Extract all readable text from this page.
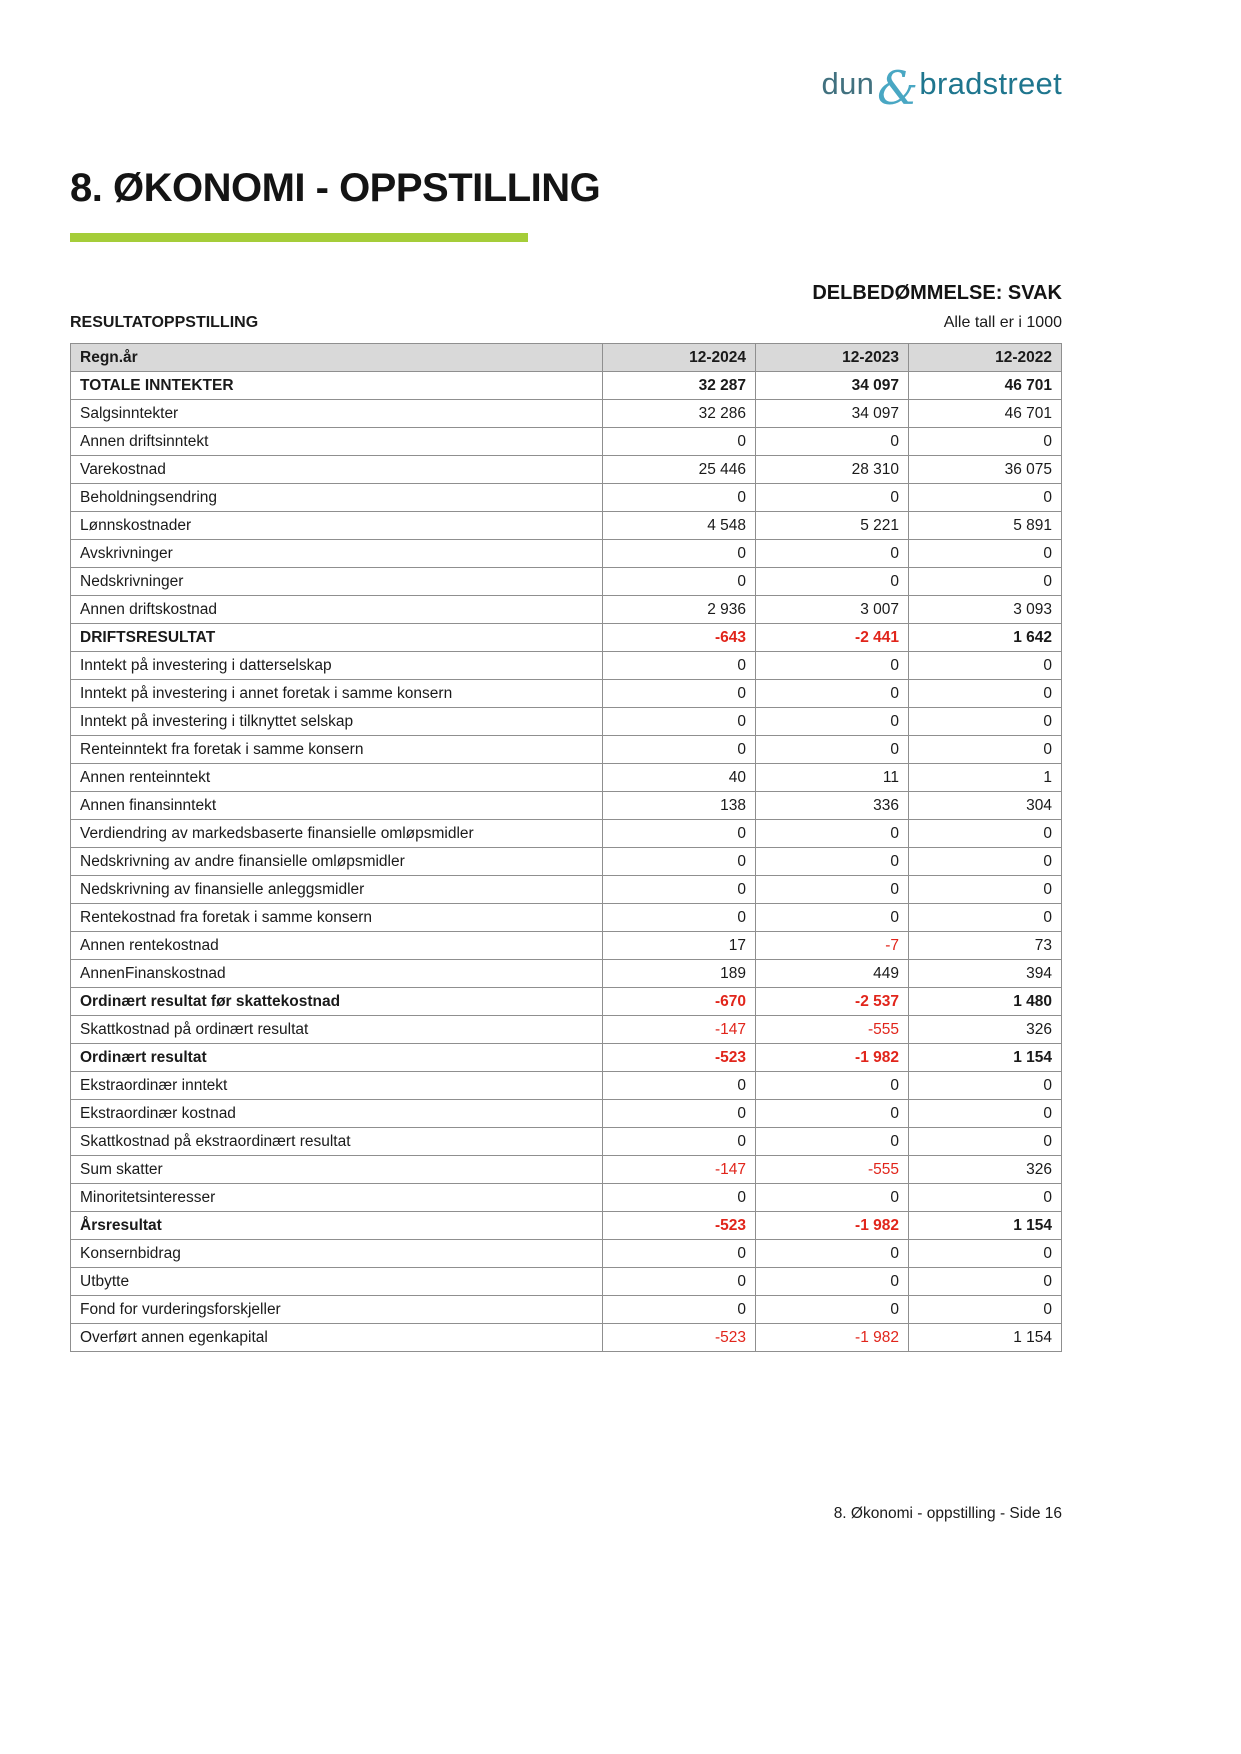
dun & bradstreet
8. ØKONOMI - OPPSTILLING
DELBEDØMMELSE: SVAK
RESULTATOPPSTILLING	Alle tall er i 1000
Regn.år	12-2024	12-2023	12-2022
TOTALE INNTEKTER	32 287	34 097	46 701
Salgsinntekter	32 286	34 097	46 701
Annen driftsinntekt	0	0	0
Varekostnad	25 446	28 310	36 075
Beholdningsendring	0	0	0
Lønnskostnader	4 548	5 221	5 891
Avskrivninger	0	0	0
Nedskrivninger	0	0	0
Annen driftskostnad	2 936	3 007	3 093
DRIFTSRESULTAT	-643	-2 441	1 642
Inntekt på investering i datterselskap	0	0	0
Inntekt på investering i annet foretak i samme konsern	0	0	0
Inntekt på investering i tilknyttet selskap	0	0	0
Renteinntekt fra foretak i samme konsern	0	0	0
Annen renteinntekt	40	11	1
Annen finansinntekt	138	336	304
Verdiendring av markedsbaserte finansielle omløpsmidler	0	0	0
Nedskrivning av andre finansielle omløpsmidler	0	0	0
Nedskrivning av finansielle anleggsmidler	0	0	0
Rentekostnad fra foretak i samme konsern	0	0	0
Annen rentekostnad	17	-7	73
AnnenFinanskostnad	189	449	394
Ordinært resultat før skattekostnad	-670	-2 537	1 480
Skattkostnad på ordinært resultat	-147	-555	326
Ordinært resultat	-523	-1 982	1 154
Ekstraordinær inntekt	0	0	0
Ekstraordinær kostnad	0	0	0
Skattkostnad på ekstraordinært resultat	0	0	0
Sum skatter	-147	-555	326
Minoritetsinteresser	0	0	0
Årsresultat	-523	-1 982	1 154
Konsernbidrag	0	0	0
Utbytte	0	0	0
Fond for vurderingsforskjeller	0	0	0
Overført annen egenkapital	-523	-1 982	1 154
8. Økonomi - oppstilling - Side 16
